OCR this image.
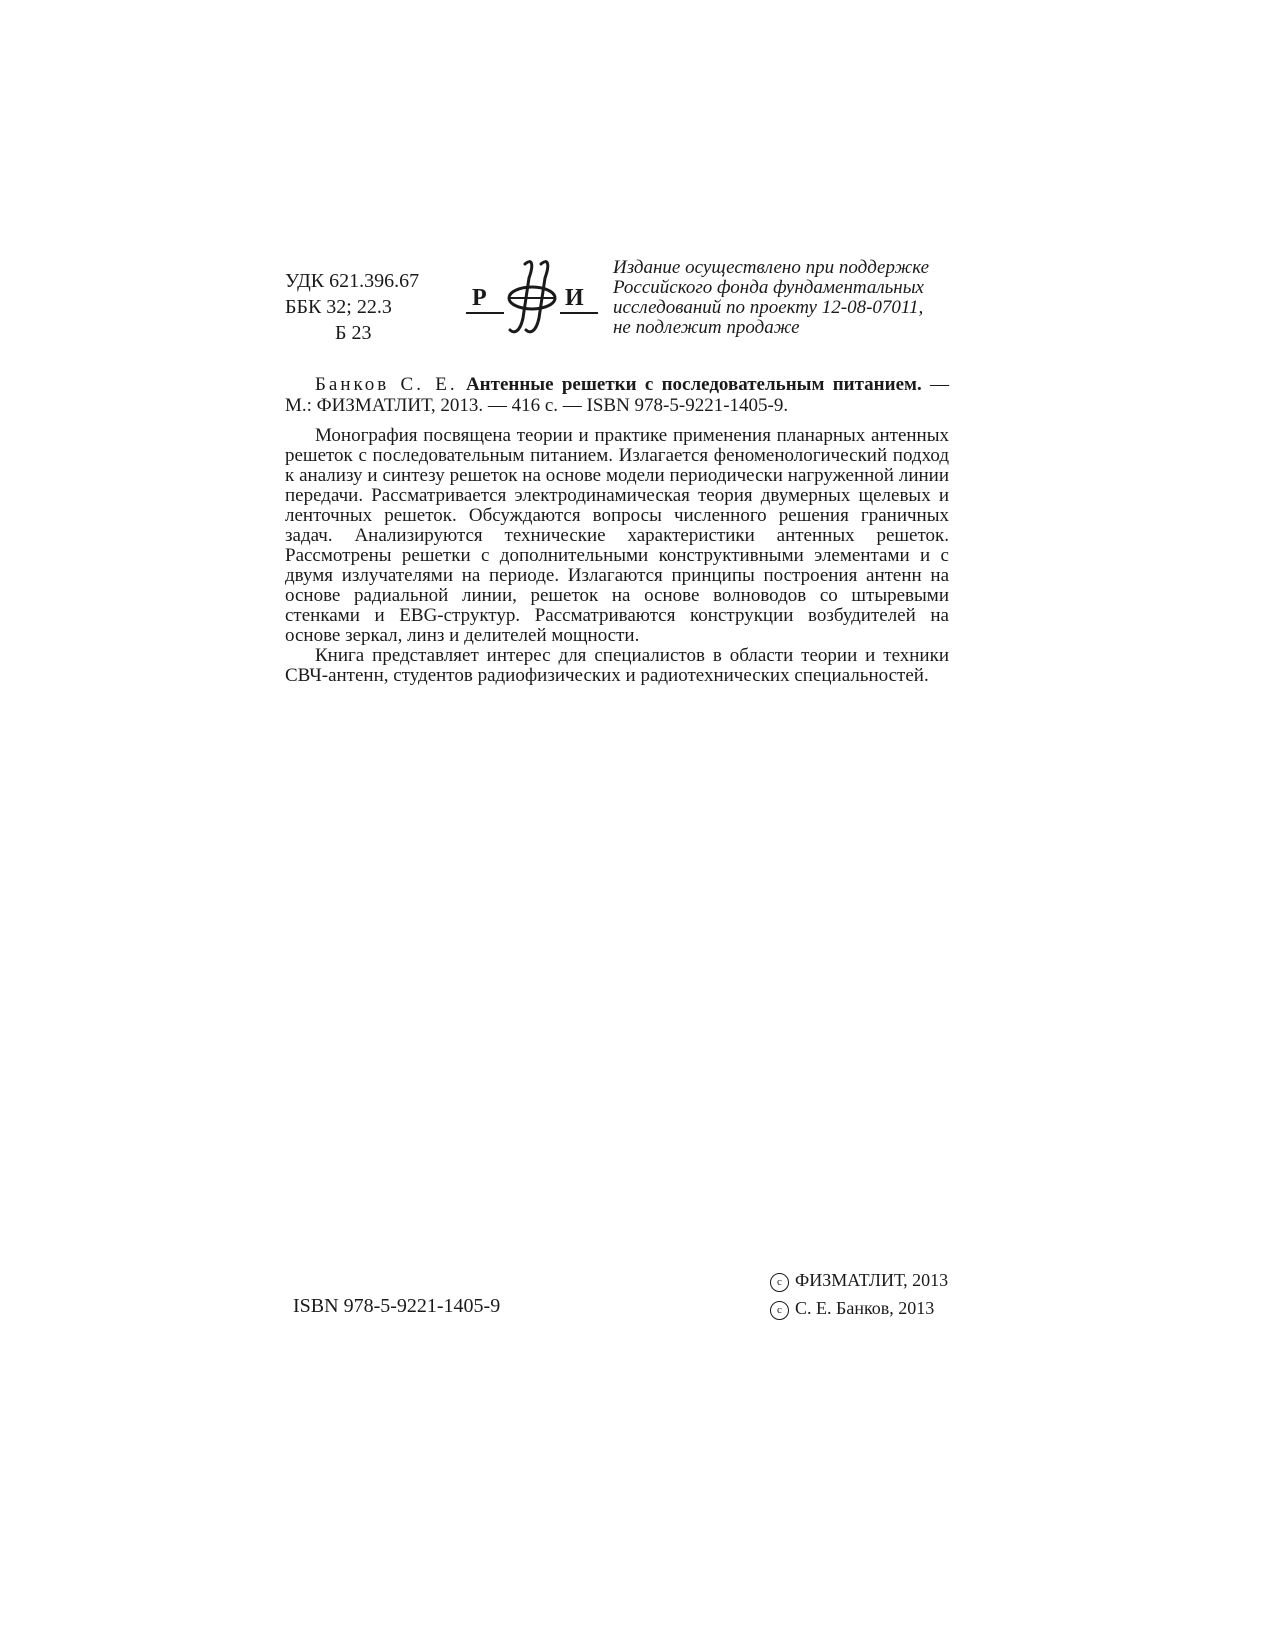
УДК 621.396.67
ББК 32; 22.3
Б 23
Р	И
Издание осуществлено при поддержке
Российского фонда фундаментальных
исследований по проекту 12-08-07011,
не подлежит продаже
Банков С. Е. Антенные решетки с последовательным питанием. — М.: ФИЗМАТЛИТ, 2013. — 416 с. — ISBN 978-5-9221-1405-9.

Монография посвящена теории и практике применения планарных антенных решеток с последовательным питанием. Излагается феноменологический подход к анализу и синтезу решеток на основе модели периодически нагруженной линии передачи. Рассматривается электродинамическая теория двумерных щелевых и ленточных решеток. Обсуждаются вопросы численного решения граничных задач. Анализируются технические характеристики антенных решеток. Рассмотрены решетки с дополнительными конструктивными элементами и с двумя излучателями на периоде. Излагаются принципы построения антенн на основе радиальной линии, решеток на основе волноводов со штыревыми стенками и EBG-структур. Рассматриваются конструкции возбудителей на основе зеркал, линз и делителей мощности.

Книга представляет интерес для специалистов в области теории и техники СВЧ-антенн, студентов радиофизических и радиотехнических специальностей.

ISBN 978-5-9221-1405-9
c ФИЗМАТЛИТ, 2013
c С. Е. Банков, 2013
